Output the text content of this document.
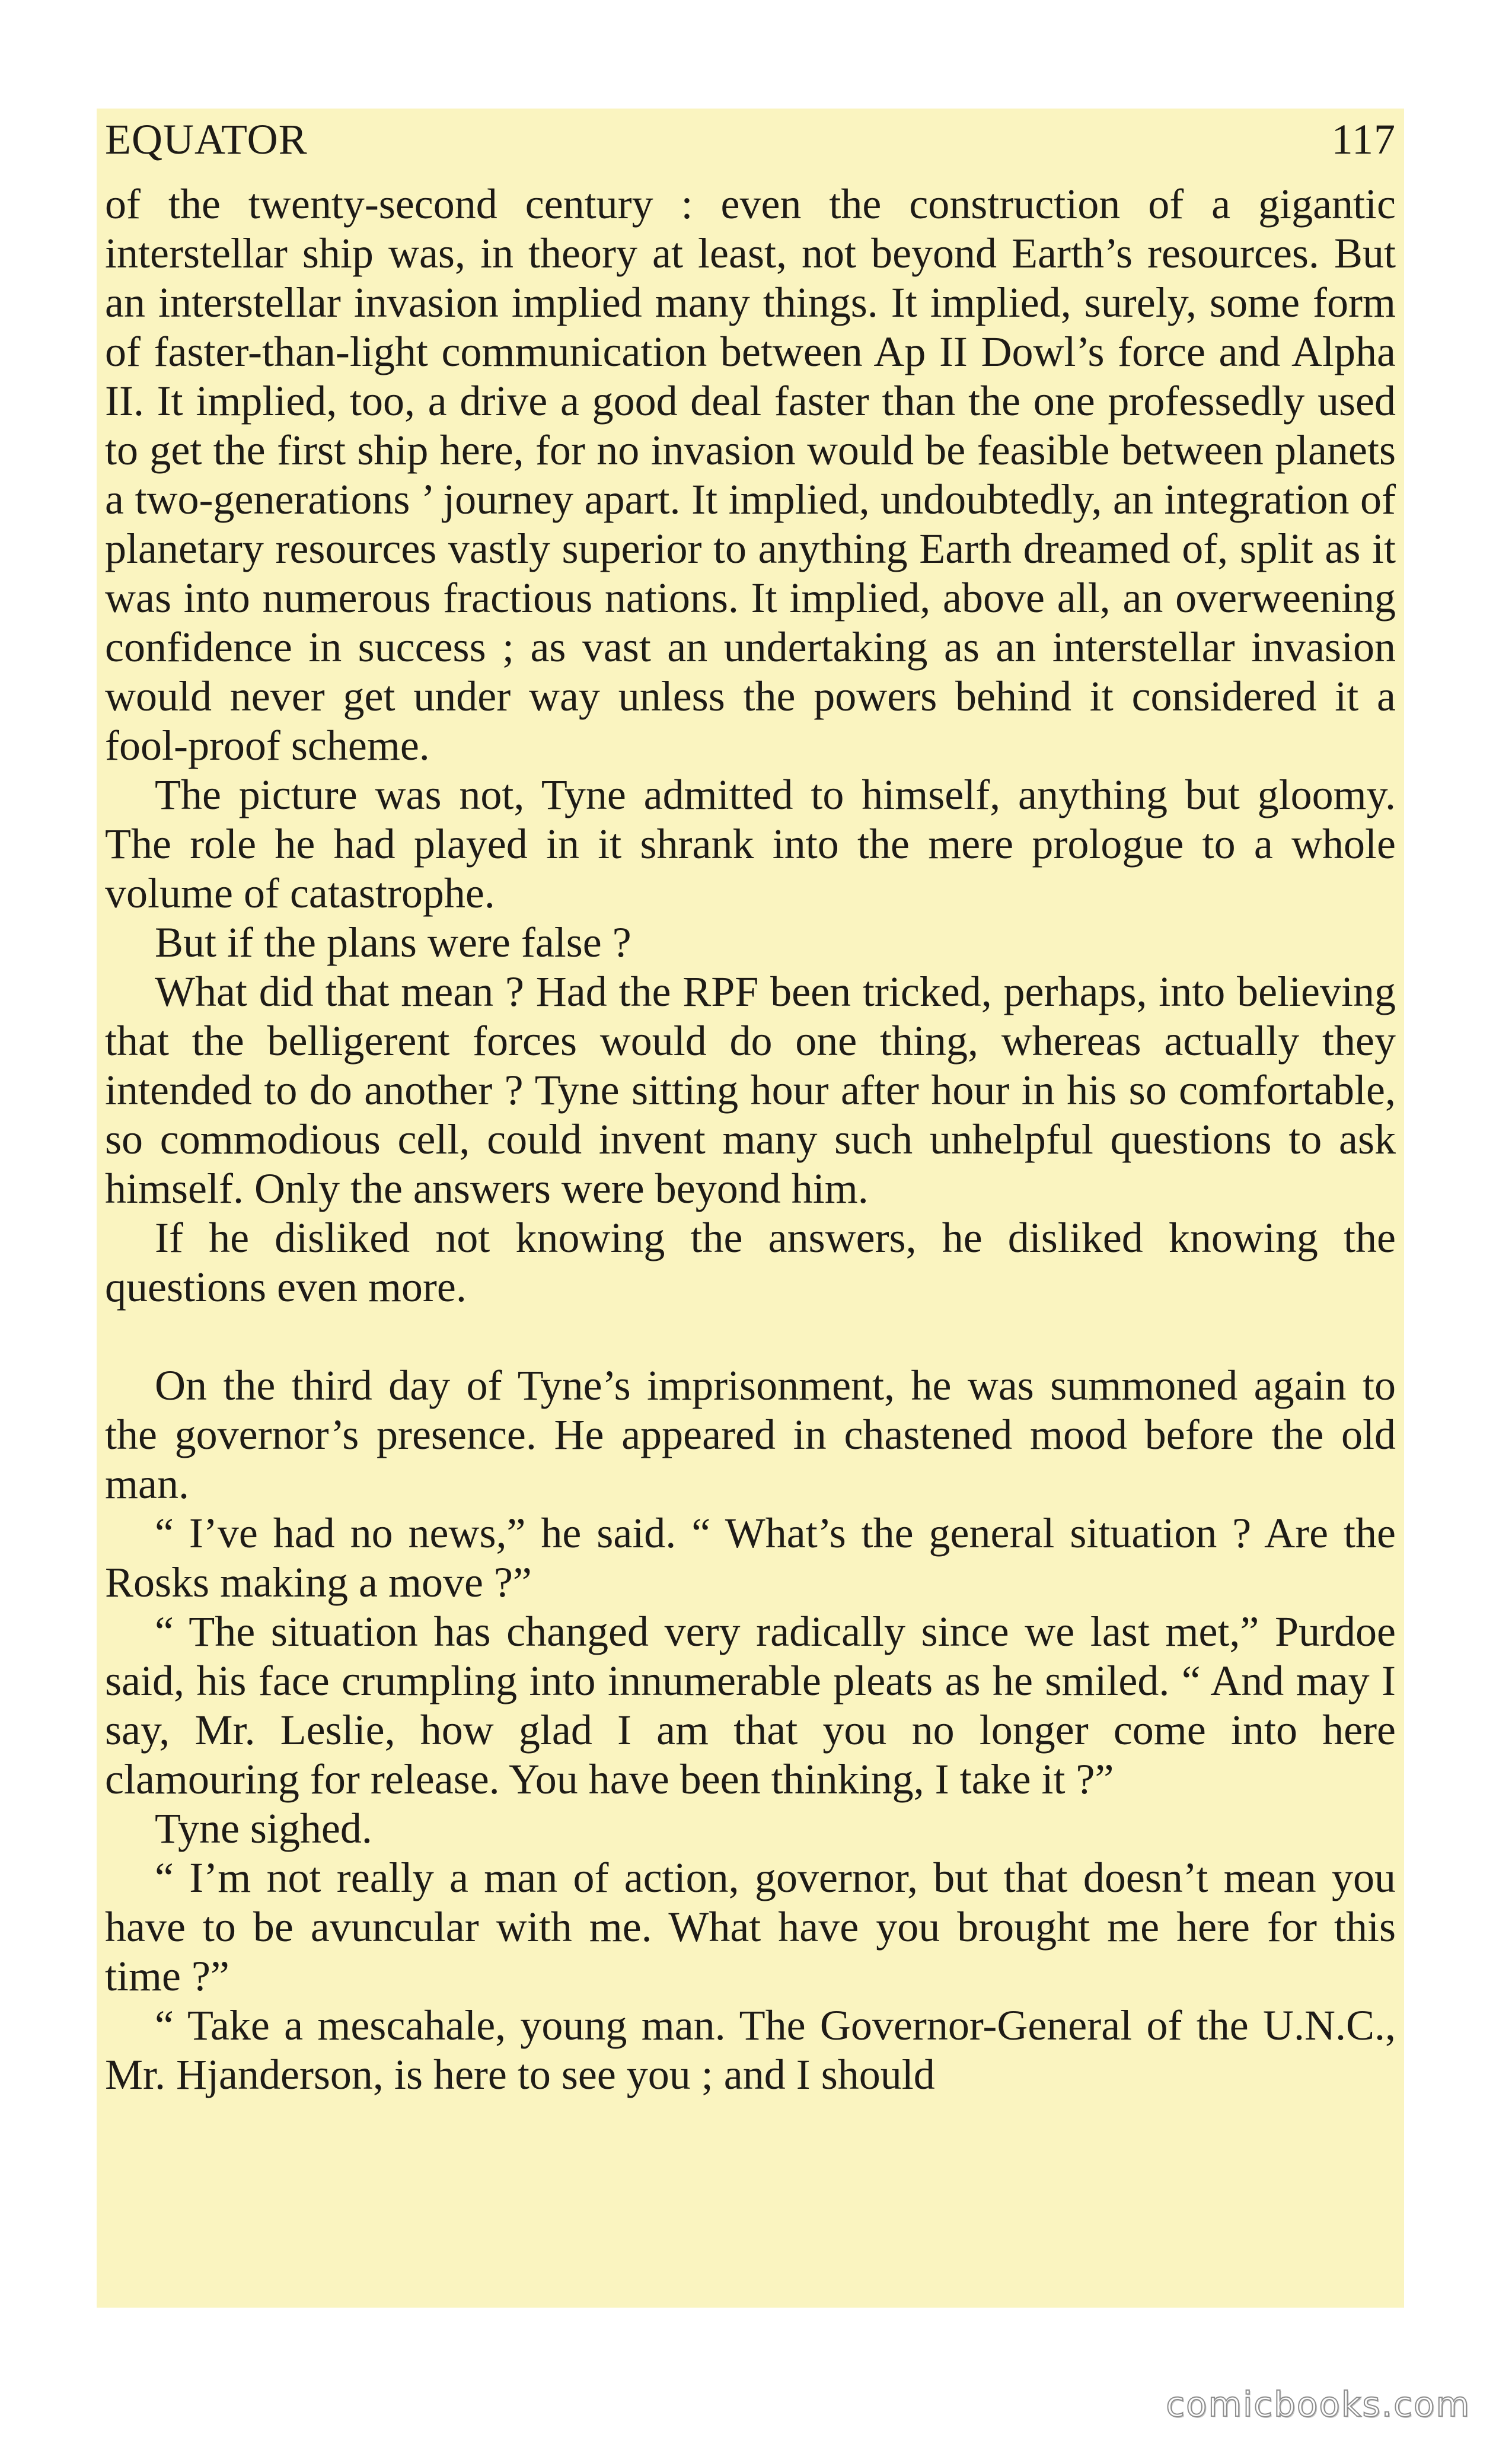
EQUATOR	117

of the twenty-second century : even the construction of a gigantic interstellar ship was, in theory at least, not beyond Earth’s resources. But an interstellar invasion implied many things. It implied, surely, some form of faster-than-light communication between Ap II Dowl’s force and Alpha II. It implied, too, a drive a good deal faster than the one professedly used to get the first ship here, for no invasion would be feasible between planets a two-generations ’ journey apart. It implied, undoubtedly, an integration of planetary resources vastly superior to anything Earth dreamed of, split as it was into numerous fractious nations. It implied, above all, an overweening confidence in success ; as vast an undertaking as an interstellar invasion would never get under way unless the powers behind it considered it a fool-proof scheme.

The picture was not, Tyne admitted to himself, anything but gloomy. The role he had played in it shrank into the mere prologue to a whole volume of catastrophe.

But if the plans were false ?

What did that mean ? Had the RPF been tricked, perhaps, into believing that the belligerent forces would do one thing, whereas actually they intended to do another ? Tyne sitting hour after hour in his so comfortable, so commodious cell, could invent many such unhelpful questions to ask himself. Only the answers were beyond him.

If he disliked not knowing the answers, he disliked knowing the questions even more.

On the third day of Tyne’s imprisonment, he was summoned again to the governor’s presence. He appeared in chastened mood before the old man.

“ I’ve had no news,” he said. “ What’s the general situation ? Are the Rosks making a move ?”

“ The situation has changed very radically since we last met,” Purdoe said, his face crumpling into innumerable pleats as he smiled. “ And may I say, Mr. Leslie, how glad I am that you no longer come into here clamouring for release. You have been thinking, I take it ?”

Tyne sighed.

“ I’m not really a man of action, governor, but that doesn’t mean you have to be avuncular with me. What have you brought me here for this time ?”

“ Take a mescahale, young man. The Governor-General of the U.N.C., Mr. Hjanderson, is here to see you ; and I should

comicbooks.com
